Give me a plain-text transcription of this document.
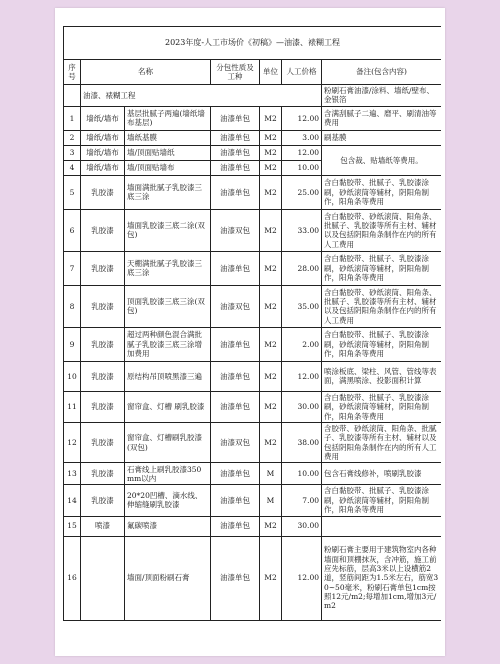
2023年度-人工市场价《初稿》—油漆、裱糊工程						
序号	名称		分包性质及工种	单位	人工价格	备注(包含内容)
	油漆、裱糊工程					粉刷石膏油漆/涂料、墙纸/壁布、金银箔
1	墙纸/墙布	基层批腻子两遍(墙纸墙布基层)	油漆单包	M2	12.00	含满刮腻子二遍、磨平、刷清油等费用
2	墙纸/墙布	墙纸基膜	油漆单包	M2	3.00	刷基膜
3	墙纸/墙布	墙/顶面贴墙纸	油漆单包	M2	12.00	包含裁、贴墙纸等费用。
4	墙纸/墙布	墙/顶面贴墙布	油漆单包	M2	10.00	
5	乳胶漆	墙面满批腻子乳胶漆三底三涂	油漆单包	M2	25.00	含白黏胶带、批腻子、乳胶漆涂刷，砂纸滚筒等辅材，阴阳角制作，阳角条等费用
6	乳胶漆	墙面乳胶漆三底二涂(双包)	油漆双包	M2	33.00	含白黏胶带、砂纸滚筒、阳角条、批腻子、乳胶漆等所有主材、辅材以及包括阴阳角条制作在内的所有人工费用
7	乳胶漆	天棚满批腻子乳胶漆三底三涂	油漆单包	M2	28.00	含白黏胶带、批腻子、乳胶漆涂刷，砂纸滚筒等辅材，阴阳角制作，阳角条等费用
8	乳胶漆	顶面乳胶漆三底三涂(双包)	油漆双包	M2	35.00	含白黏胶带、砂纸滚筒、阳角条、批腻子、乳胶漆等所有主材、辅材以及包括阴阳角条制作在内的所有人工费用
9	乳胶漆	超过两种颜色混合满批腻子乳胶漆三底三涂增加费用	油漆单包	M2	2.00	含白黏胶带、批腻子、乳胶漆涂刷，砂纸滚筒等辅材，阴阳角制作，阳角条等费用
10	乳胶漆	原结构吊顶喷黑漆三遍	油漆单包	M2	12.00	喷涂板底、梁柱、风管、管线等表面，满黑喷涂、投影面积计算
11	乳胶漆	窗帘盒、灯槽 刷乳胶漆	油漆单包	M2	30.00	含白黏胶带、批腻子、乳胶漆涂刷，砂纸滚筒等辅材，阴阳角制作，阳角条等费用
12	乳胶漆	窗帘盒、灯槽刷乳胶漆(双包)	油漆双包	M2	38.00	含胶带、砂纸滚筒、阳角条、批腻子、乳胶漆等所有主材、辅材以及包括阴阳角条制作在内的所有人工费用
13	乳胶漆	石膏线上刷乳胶漆350mm以内	油漆单包	M	10.00	包含石膏线修补，喷刷乳胶漆
14	乳胶漆	20*20凹槽、滴水线、伸缩缝刷乳胶漆	油漆单包	M	7.00	含白黏胶带、批腻子、乳胶漆涂刷，砂纸滚筒等辅材，阴阳角制作，阳角条等费用
15	喷漆	氟碳喷漆	油漆单包	M2	30.00	
16		墙面/顶面粉刷石膏	油漆单包	M2	12.00	粉刷石膏主要用于建筑物室内各种墙面和顶棚抹灰，含冲筋，施工前应先标筋，层高3米以上设横筋2道，竖筋间距为1.5米左右，筋宽30~50毫米，粉刷石膏单包1cm按照12元/m2;每增加1cm,增加3元/m2
